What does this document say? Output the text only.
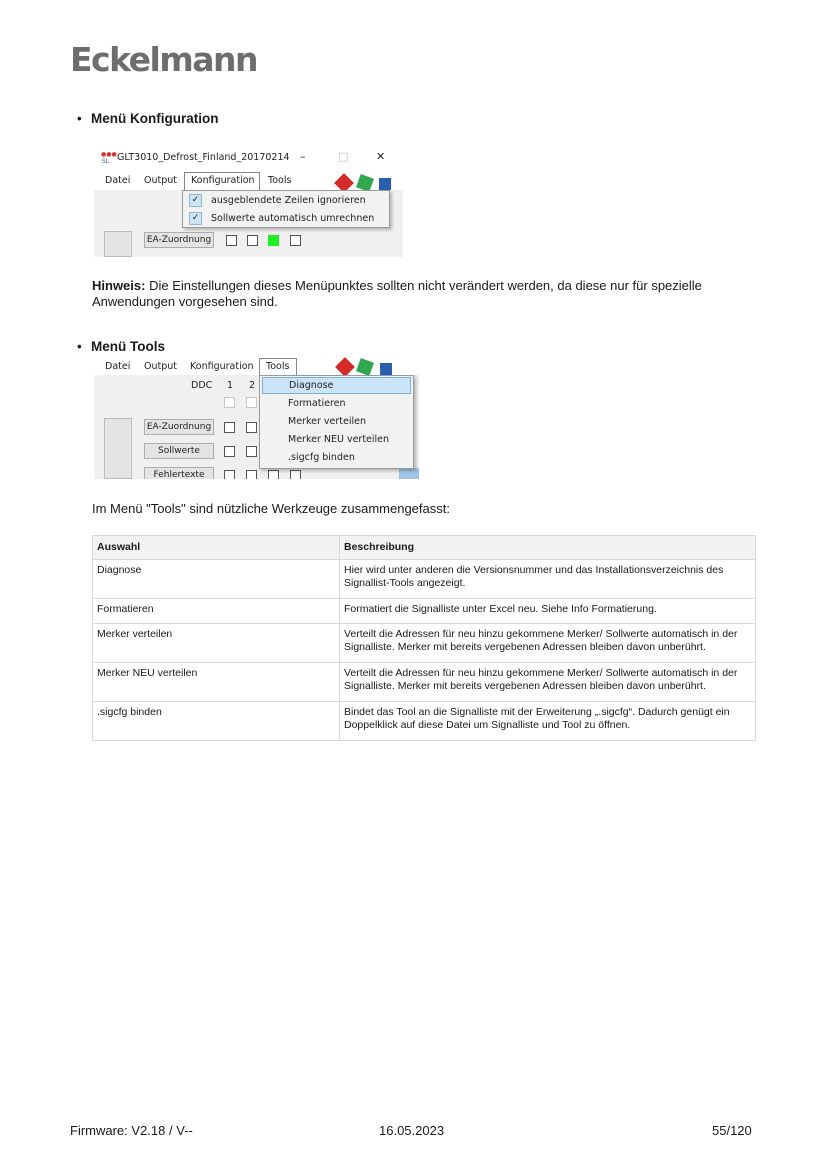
Eckelmann
• Menü Konfiguration
●●●
SL GLT3010_Defrost_Finland_20170214 –	□	✕
Datei Output Konfiguration Tools
EA-Zuordnung
✓ ausgeblendete Zeilen ignorieren
✓ Sollwerte automatisch umrechnen
Hinweis: Die Einstellungen dieses Menüpunktes sollten nicht verändert werden, da diese nur für spezielle Anwendungen vorgesehen sind.
• Menü Tools
Datei Output Konfiguration Tools
DDC 1 2
EA-Zuordnung
Sollwerte
Fehlertexte
Diagnose
Formatieren
Merker verteilen
Merker NEU verteilen
.sigcfg binden
Im Menü "Tools" sind nützliche Werkzeuge zusammengefasst:
Auswahl	Beschreibung
Diagnose	Hier wird unter anderen die Versionsnummer und das Installationsverzeichnis des Signallist-Tools angezeigt.
Formatieren	Formatiert die Signalliste unter Excel neu. Siehe Info Formatierung.
Merker verteilen	Verteilt die Adressen für neu hinzu gekommene Merker/ Sollwerte automatisch in der Signalliste. Merker mit bereits vergebenen Adressen bleiben davon unberührt.
Merker NEU verteilen	Verteilt die Adressen für neu hinzu gekommene Merker/ Sollwerte automatisch in der Signalliste. Merker mit bereits vergebenen Adressen bleiben davon unberührt.
.sigcfg binden	Bindet das Tool an die Signalliste mit der Erweiterung „.sigcfg“. Dadurch genügt ein Doppelklick auf diese Datei um Signalliste und Tool zu öffnen.
Firmware: V2.18 / V--	16.05.2023	55/120
